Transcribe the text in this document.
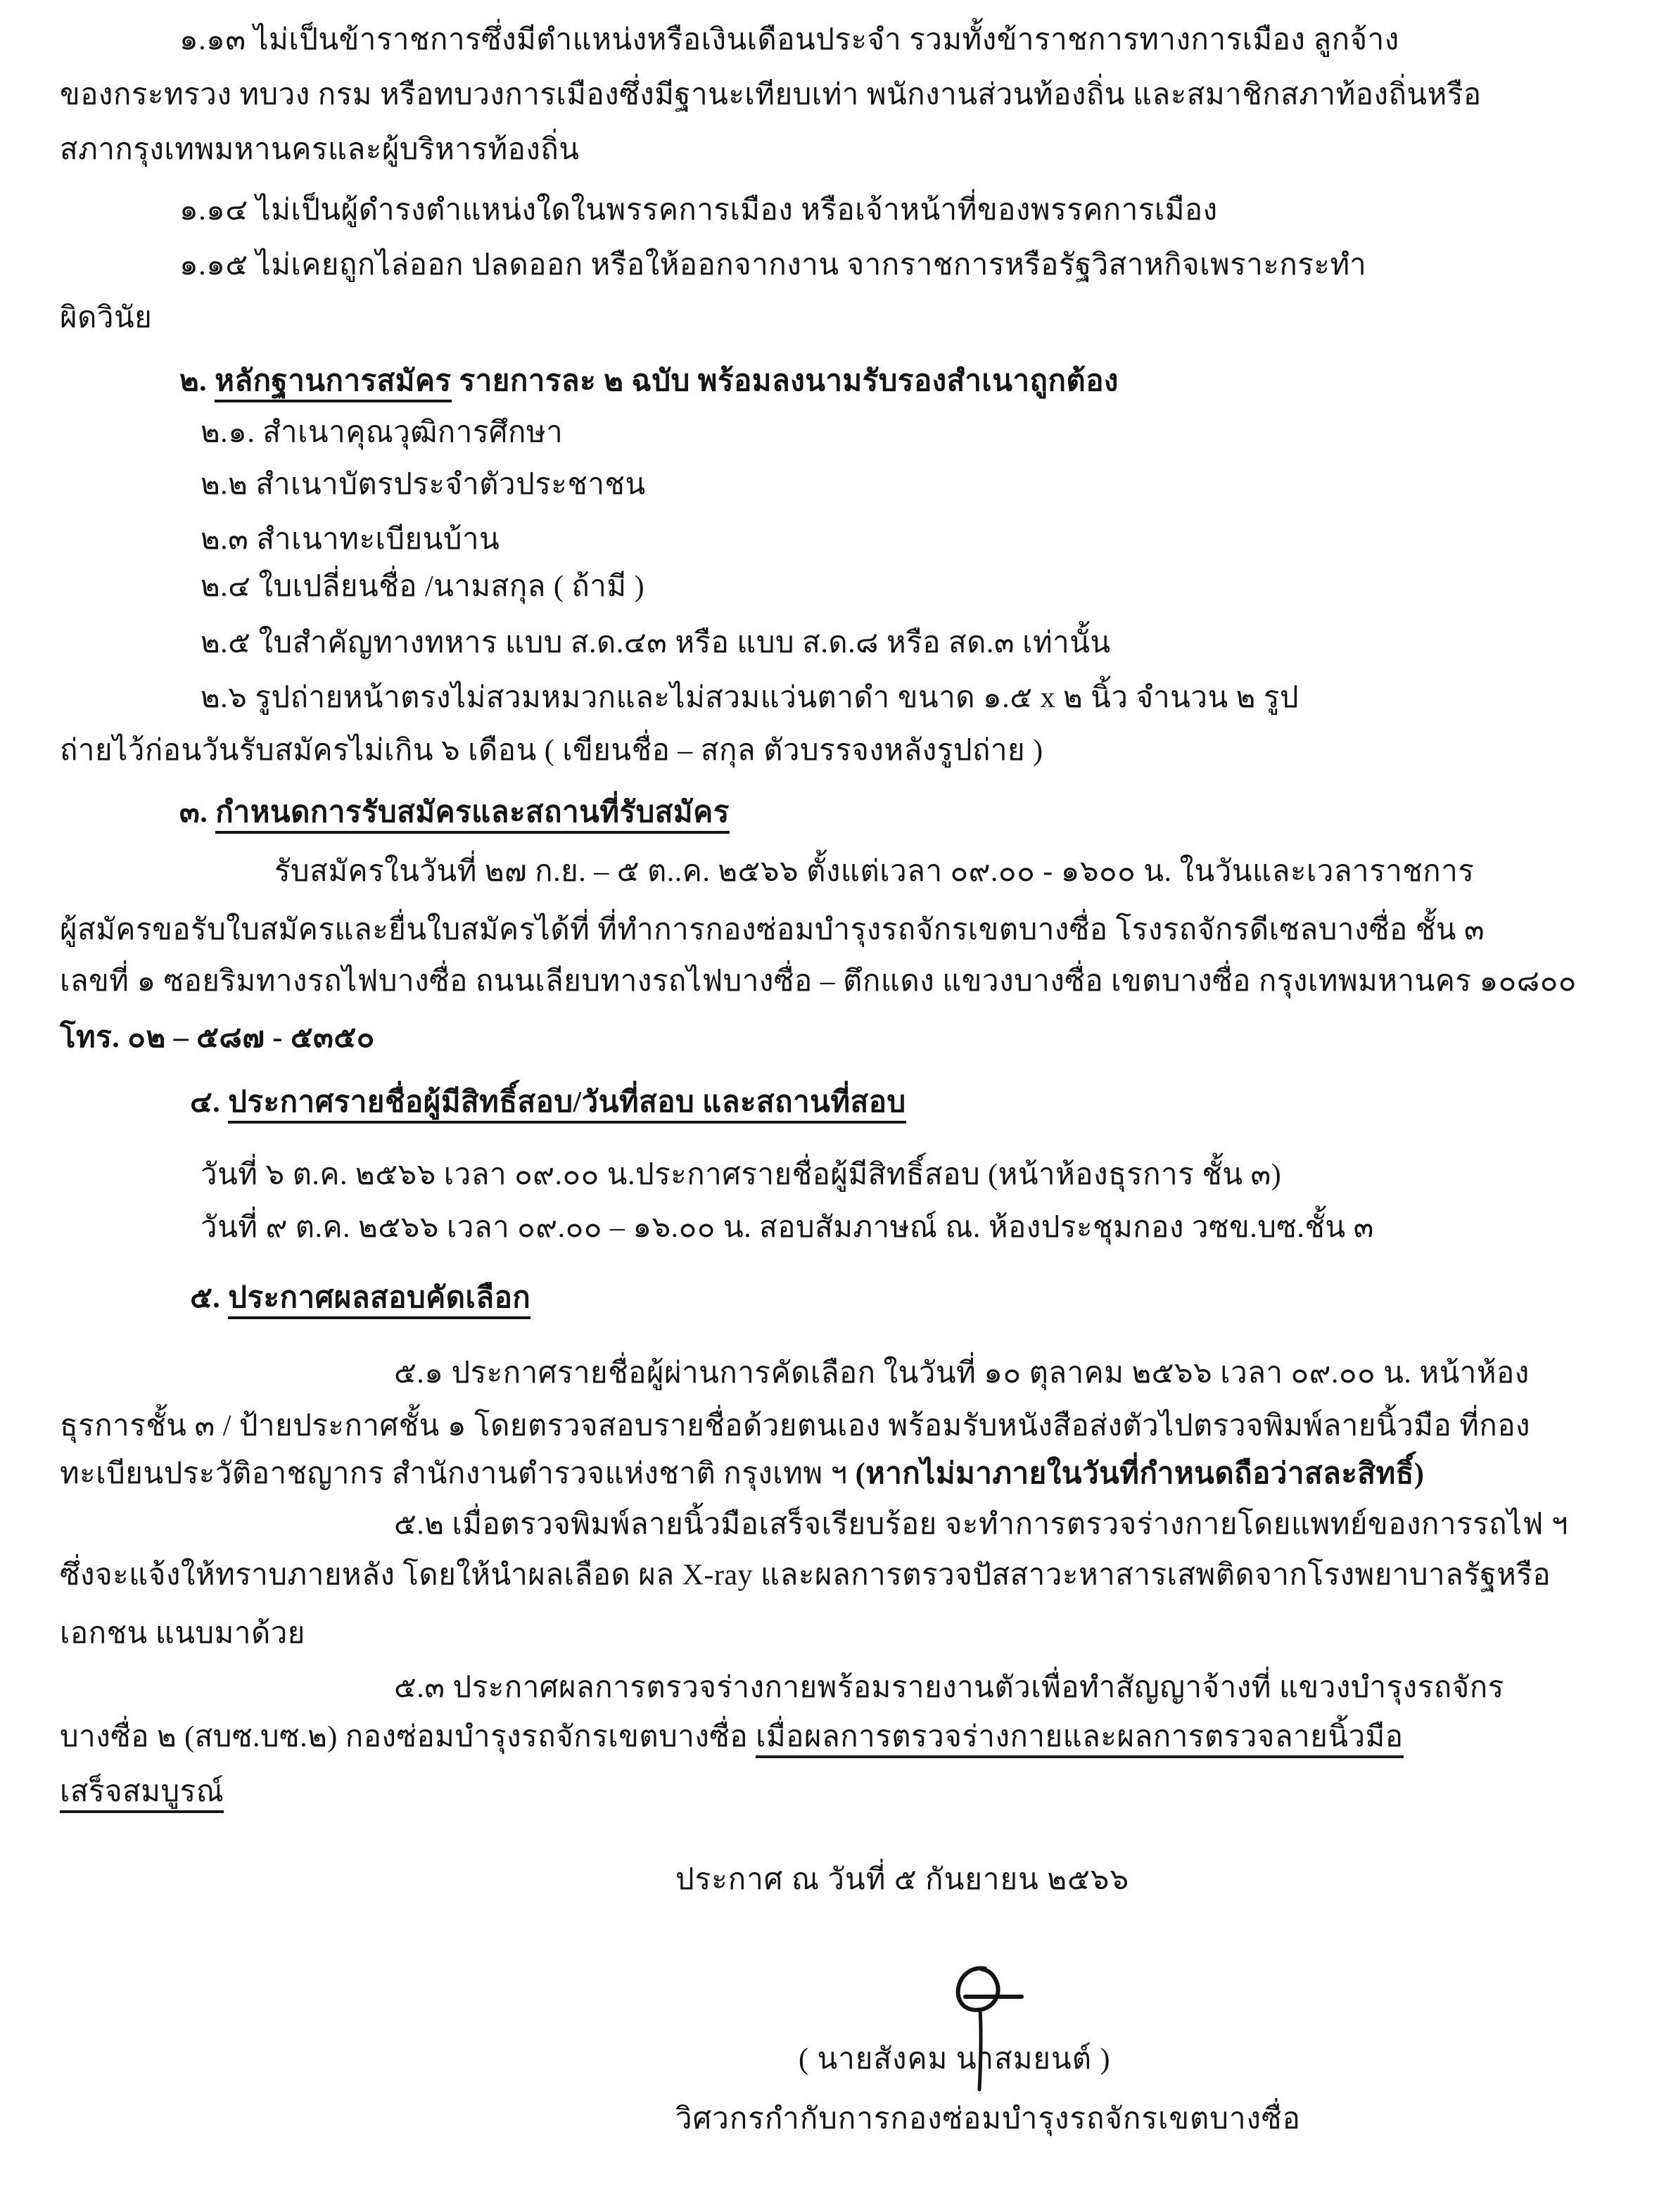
๑.๑๓ ไม่เป็นข้าราชการซึ่งมีตำแหน่งหรือเงินเดือนประจำ รวมทั้งข้าราชการทางการเมือง ลูกจ้าง
ของกระทรวง ทบวง กรม หรือทบวงการเมืองซึ่งมีฐานะเทียบเท่า พนักงานส่วนท้องถิ่น และสมาชิกสภาท้องถิ่นหรือ
สภากรุงเทพมหานครและผู้บริหารท้องถิ่น
๑.๑๔ ไม่เป็นผู้ดำรงตำแหน่งใดในพรรคการเมือง หรือเจ้าหน้าที่ของพรรคการเมือง
๑.๑๕ ไม่เคยถูกไล่ออก ปลดออก หรือให้ออกจากงาน จากราชการหรือรัฐวิสาหกิจเพราะกระทำ
ผิดวินัย
๒. หลักฐานการสมัคร รายการละ ๒ ฉบับ พร้อมลงนามรับรองสำเนาถูกต้อง
๒.๑. สำเนาคุณวุฒิการศึกษา
๒.๒ สำเนาบัตรประจำตัวประชาชน
๒.๓ สำเนาทะเบียนบ้าน
๒.๔ ใบเปลี่ยนชื่อ /นามสกุล ( ถ้ามี )
๒.๕ ใบสำคัญทางทหาร แบบ ส.ด.๔๓ หรือ แบบ ส.ด.๘ หรือ สด.๓ เท่านั้น
๒.๖ รูปถ่ายหน้าตรงไม่สวมหมวกและไม่สวมแว่นตาดำ ขนาด ๑.๕ x ๒ นิ้ว จำนวน ๒ รูป
ถ่ายไว้ก่อนวันรับสมัครไม่เกิน ๖ เดือน ( เขียนชื่อ – สกุล ตัวบรรจงหลังรูปถ่าย )
๓. กำหนดการรับสมัครและสถานที่รับสมัคร
รับสมัครในวันที่ ๒๗ ก.ย. – ๕ ต..ค. ๒๕๖๖ ตั้งแต่เวลา ๐๙.๐๐ - ๑๖๐๐ น. ในวันและเวลาราชการ
ผู้สมัครขอรับใบสมัครและยื่นใบสมัครได้ที่ ที่ทำการกองซ่อมบำรุงรถจักรเขตบางซื่อ โรงรถจักรดีเซลบางซื่อ ชั้น ๓
เลขที่ ๑ ซอยริมทางรถไฟบางซื่อ ถนนเลียบทางรถไฟบางซื่อ – ตึกแดง แขวงบางซื่อ เขตบางซื่อ กรุงเทพมหานคร ๑๐๘๐๐
โทร. ๐๒ – ๕๘๗ - ๕๓๕๐
๔. ประกาศรายชื่อผู้มีสิทธิ์สอบ/วันที่สอบ และสถานที่สอบ
วันที่ ๖ ต.ค. ๒๕๖๖ เวลา ๐๙.๐๐ น.ประกาศรายชื่อผู้มีสิทธิ์สอบ (หน้าห้องธุรการ ชั้น ๓)
วันที่ ๙ ต.ค. ๒๕๖๖ เวลา ๐๙.๐๐ – ๑๖.๐๐ น. สอบสัมภาษณ์ ณ. ห้องประชุมกอง วซข.บซ.ชั้น ๓
๕. ประกาศผลสอบคัดเลือก
๕.๑ ประกาศรายชื่อผู้ผ่านการคัดเลือก ในวันที่ ๑๐ ตุลาคม ๒๕๖๖ เวลา ๐๙.๐๐ น. หน้าห้อง
ธุรการชั้น ๓ / ป้ายประกาศชั้น ๑ โดยตรวจสอบรายชื่อด้วยตนเอง พร้อมรับหนังสือส่งตัวไปตรวจพิมพ์ลายนิ้วมือ ที่กอง
ทะเบียนประวัติอาชญากร สำนักงานตำรวจแห่งชาติ กรุงเทพ ฯ (หากไม่มาภายในวันที่กำหนดถือว่าสละสิทธิ์)
๕.๒ เมื่อตรวจพิมพ์ลายนิ้วมือเสร็จเรียบร้อย จะทำการตรวจร่างกายโดยแพทย์ของการรถไฟ ฯ
ซึ่งจะแจ้งให้ทราบภายหลัง โดยให้นำผลเลือด ผล X-ray และผลการตรวจปัสสาวะหาสารเสพติดจากโรงพยาบาลรัฐหรือ
เอกชน แนบมาด้วย
๕.๓ ประกาศผลการตรวจร่างกายพร้อมรายงานตัวเพื่อทำสัญญาจ้างที่ แขวงบำรุงรถจักร
บางซื่อ ๒ (สบซ.บซ.๒) กองซ่อมบำรุงรถจักรเขตบางซื่อ เมื่อผลการตรวจร่างกายและผลการตรวจลายนิ้วมือ
เสร็จสมบูรณ์
ประกาศ ณ วันที่ ๕ กันยายน ๒๕๖๖
( นายสังคม นาสมยนต์ )
วิศวกรกำกับการกองซ่อมบำรุงรถจักรเขตบางซื่อ
